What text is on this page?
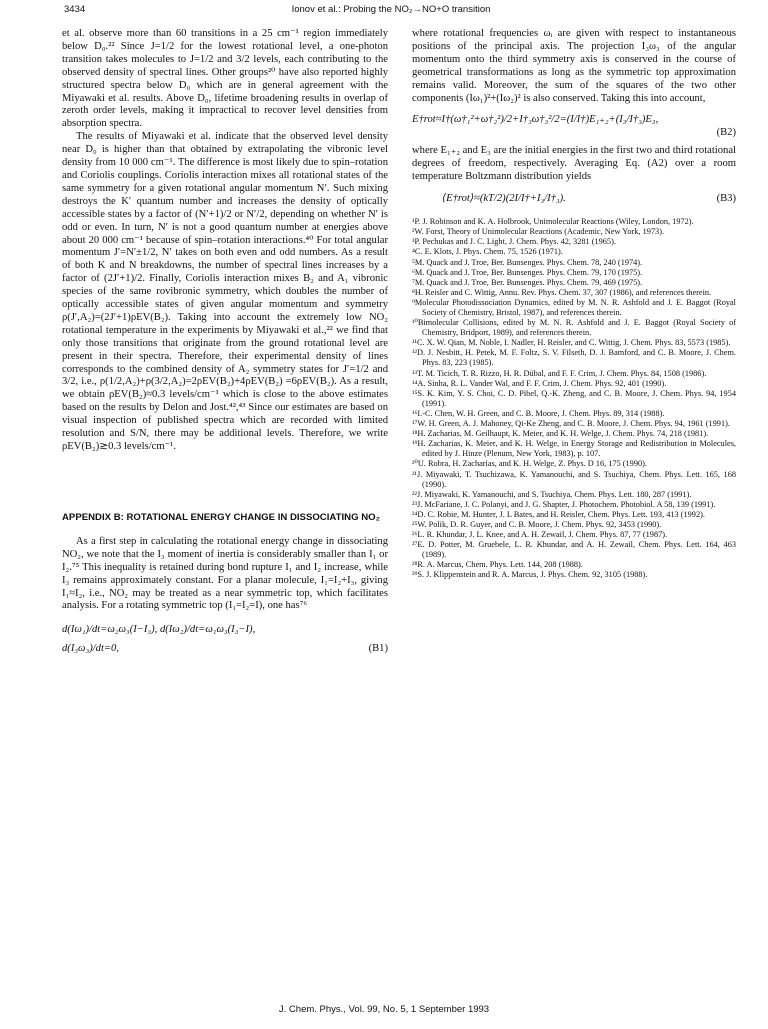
3434	Ionov et al.: Probing the NO₂→NO+O transition

et al. observe more than 60 transitions in a 25 cm⁻¹ region immediately below D₀.²² Since J=1/2 for the lowest rotational level, a one-photon transition takes molecules to J=1/2 and 3/2 levels, each contributing to the observed density of spectral lines. Other groups²⁰ have also reported highly structured spectra below D₀ which are in general agreement with the Miyawaki et al. results. Above D₀, lifetime broadening results in overlap of zeroth order levels, making it impractical to recover level densities from absorption spectra.

The results of Miyawaki et al. indicate that the observed level density near D₀ is higher than that obtained by extrapolating the vibronic level density from 10 000 cm⁻¹. The difference is most likely due to spin–rotation and Coriolis couplings. Coriolis interaction mixes all rotational states of the same symmetry for a given rotational angular momentum N′. Such mixing destroys the K′ quantum number and increases the density of optically accessible states by a factor of (N′+1)/2 or N′/2, depending on whether N′ is odd or even. In turn, N′ is not a good quantum number at energies above about 20 000 cm⁻¹ because of spin–rotation interactions.⁴⁰ For total angular momentum J′=N′±1/2, N′ takes on both even and odd numbers. As a result of both K and N breakdowns, the number of spectral lines increases by a factor of (2J′+1)/2. Finally, Coriolis interaction mixes B₂ and A₁ vibronic species of the same rovibronic symmetry, which doubles the number of optically accessible states of given angular momentum and symmetry ρ(J′,A₂)=(2J′+1)ρEV(B₂). Taking into account the extremely low NO₂ rotational temperature in the experiments by Miyawaki et al.,²² we find that only those transitions that originate from the ground rotational level are present in their spectra. Therefore, their experimental density of lines corresponds to the combined density of A₂ symmetry states for J′=1/2 and 3/2, i.e., ρ(1/2,A₂)+ρ(3/2,A₂)=2ρEV(B₂)+4ρEV(B₂) =6ρEV(B₂). As a result, we obtain ρEV(B₂)≈0.3 levels/cm⁻¹ which is close to the above estimates based on the results by Delon and Jost.⁴²,⁴³ Since our estimates are based on visual inspection of published spectra which are recorded with limited resolution and S/N, there may be additional levels. Therefore, we write ρEV(B₂)≳0.3 levels/cm⁻¹.

APPENDIX B: ROTATIONAL ENERGY CHANGE IN DISSOCIATING NO₂

As a first step in calculating the rotational energy change in dissociating NO₂, we note that the I₃ moment of inertia is considerably smaller than I₁ or I₂.⁷⁵ This inequality is retained during bond rupture I₁ and I₂ increase, while I₃ remains approximately constant. For a planar molecule, I₁=I₂+I₃, giving I₁≈I₂, i.e., NO₂ may be treated as a near symmetric top, which facilitates analysis. For a rotating symmetric top (I₁=I₂=I), one has⁷⁶

d(Iω₁)/dt=ω₂ω₃(I−I₃), d(Iω₂)/dt=ω₁ω₃(I₃−I),
d(I₃ω₃)/dt=0,	(B1)

where rotational frequencies ωᵢ are given with respect to instantaneous positions of the principal axis. The projection I₃ω₃ of the angular momentum onto the third symmetry axis is conserved in the course of geometrical transformations as long as the symmetric top approximation remains valid. Moreover, the sum of the squares of the two other components (Iω₁)²+(Iω₂)² is also conserved. Taking this into account,

E†rot≈I†(ω†₁²+ω†₂²)/2+I†₃ω†₃²/2=(I/I†)E₁₊₂+(I₃/I†₃)E₃,
(B2)

where E₁₊₂ and E₃ are the initial energies in the first two and third rotational degrees of freedom, respectively. Averaging Eq. (A2) over a room temperature Boltzmann distribution yields

⟨E†rot⟩≈(kT/2)(2I/I†+I₃/I†₃).	(B3)
¹P. J. Robinson and K. A. Holbrook, Unimolecular Reactions (Wiley, London, 1972).
²W. Forst, Theory of Unimolecular Reactions (Academic, New York, 1973).
³P. Pechukas and J. C. Light, J. Chem. Phys. 42, 3281 (1965).
⁴C. E. Klots, J. Phys. Chem. 75, 1526 (1971).
⁵M. Quack and J. Troe, Ber. Bunsenges. Phys. Chem. 78, 240 (1974).
⁶M. Quack and J. Troe, Ber. Bunsenges. Phys. Chem. 79, 170 (1975).
⁷M. Quack and J. Troe, Ber. Bunsenges. Phys. Chem. 79, 469 (1975).
⁸H. Reisler and C. Wittig, Annu. Rev. Phys. Chem. 37, 307 (1986), and references therein.
⁹Molecular Photodissociation Dynamics, edited by M. N. R. Ashfold and J. E. Baggot (Royal Society of Chemistry, Bristol, 1987), and references therein.
¹⁰Bimolecular Collisions, edited by M. N. R. Ashfold and J. E. Baggot (Royal Society of Chemistry, Bridport, 1989), and references therein.
¹¹C. X. W. Qian, M. Noble, I. Nadler, H. Reisler, and C. Wittig, J. Chem. Phys. 83, 5573 (1985).
¹²D. J. Nesbitt, H. Petek, M. F. Foltz, S. V. Filseth, D. J. Bamford, and C. B. Moore, J. Chem. Phys. 83, 223 (1985).
¹³T. M. Ticich, T. R. Rizzo, H. R. Dübal, and F. F. Crim, J. Chem. Phys. 84, 1508 (1986).
¹⁴A. Sinha, R. L. Vander Wal, and F. F. Crim, J. Chem. Phys. 92, 401 (1990).
¹⁵S. K. Kim, Y. S. Choi, C. D. Pibel, Q.-K. Zheng, and C. B. Moore, J. Chem. Phys. 94, 1954 (1991).
¹⁶I.-C. Chen, W. H. Green, and C. B. Moore, J. Chem. Phys. 89, 314 (1988).
¹⁷W. H. Green, A. J. Mahoney, Qi-Ke Zheng, and C. B. Moore, J. Chem. Phys. 94, 1961 (1991).
¹⁸H. Zacharias, M. Geilhaupt, K. Meier, and K. H. Welge, J. Chem. Phys. 74, 218 (1981).
¹⁹H. Zacharias, K. Meier, and K. H. Welge, in Energy Storage and Redistribution in Molecules, edited by J. Hinze (Plenum, New York, 1983), p. 107.
²⁰U. Robra, H. Zacharias, and K. H. Welge, Z. Phys. D 16, 175 (1990).
²¹J. Miyawaki, T. Tsuchizawa, K. Yamanouchi, and S. Tsuchiya, Chem. Phys. Lett. 165, 168 (1990).
²²J. Miyawaki, K. Yamanouchi, and S. Tsuchiya, Chem. Phys. Lett. 180, 287 (1991).
²³J. McFariane, J. C. Polanyi, and J. G. Shapter, J. Photochem. Photobiol. A 58, 139 (1991).
²⁴D. C. Robie, M. Hunter, J. L Bates, and H. Reisler, Chem. Phys. Lett. 193, 413 (1992).
²⁵W. Polik, D. R. Guyer, and C. B. Moore, J. Chem. Phys. 92, 3453 (1990).
²⁶L. R. Khundar, J. L. Knee, and A. H. Zewail, J. Chem. Phys. 87, 77 (1987).
²⁷E. D. Potter, M. Gruebele, L. R. Khundar, and A. H. Zewail, Chem. Phys. Lett. 164, 463 (1989).
²⁸R. A. Marcus, Chem. Phys. Lett. 144, 208 (1988).
²⁹S. J. Klippenstein and R. A. Marcus, J. Phys. Chem. 92, 3105 (1988).
J. Chem. Phys., Vol. 99, No. 5, 1 September 1993
